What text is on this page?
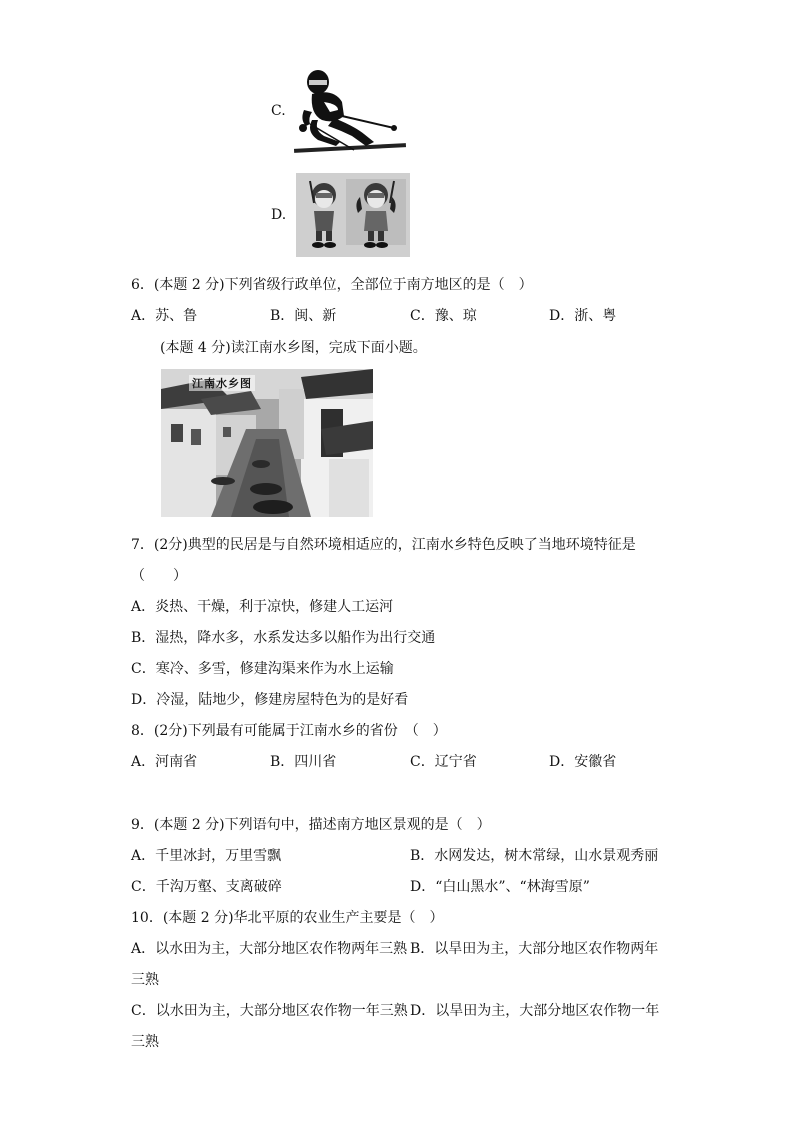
C.
D.
6．(本题 2 分)下列省级行政单位，全部位于南方地区的是（　）
A．苏、鲁	B．闽、新	C．豫、琼	D．浙、粤
(本题 4 分)读江南水乡图，完成下面小题。
江南水乡图
7．(2分)典型的民居是与自然环境相适应的，江南水乡特色反映了当地环境特征是
（　　）
A．炎热、干燥，利于凉快，修建人工运河
B．湿热，降水多，水系发达多以船作为出行交通
C．寒冷、多雪，修建沟渠来作为水上运输
D．冷湿，陆地少，修建房屋特色为的是好看
8．(2分)下列最有可能属于江南水乡的省份　（　）
A．河南省	B．四川省	C．辽宁省	D．安徽省
9．(本题 2 分)下列语句中，描述南方地区景观的是（　）
A．千里冰封，万里雪飘	B．水网发达，树木常绿，山水景观秀丽
C．千沟万壑、支离破碎	D．“白山黑水”、“林海雪原”
10．(本题 2 分)华北平原的农业生产主要是（　）
A．以水田为主，大部分地区农作物两年三熟 B．以旱田为主，大部分地区农作物两年
三熟
C．以水田为主，大部分地区农作物一年三熟 D．以旱田为主，大部分地区农作物一年
三熟
